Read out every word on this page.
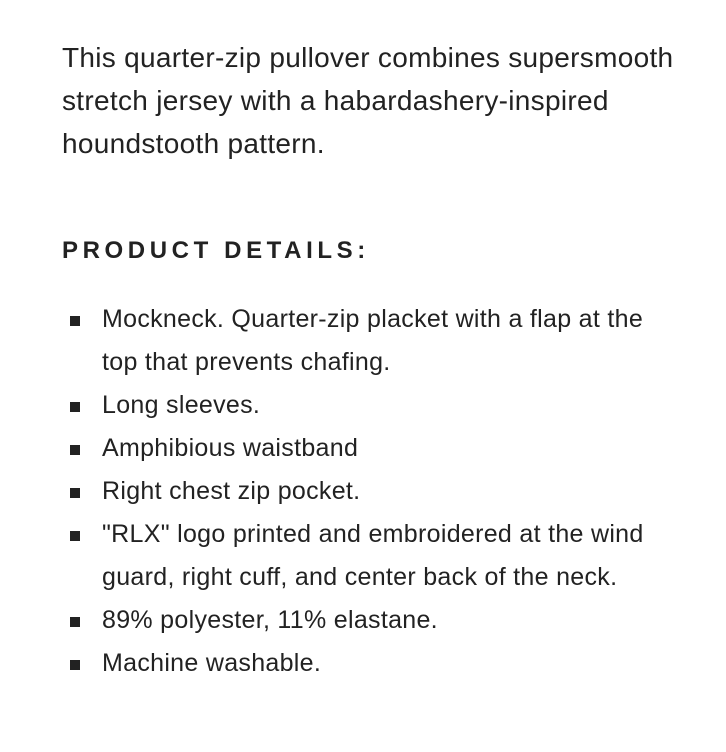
This quarter-zip pullover combines supersmooth stretch jersey with a habardashery-inspired houndstooth pattern.

PRODUCT DETAILS:
Mockneck. Quarter-zip placket with a flap at the top that prevents chafing.
Long sleeves.
Amphibious waistband
Right chest zip pocket.
"RLX" logo printed and embroidered at the wind guard, right cuff, and center back of the neck.
89% polyester, 11% elastane.
Machine washable.
